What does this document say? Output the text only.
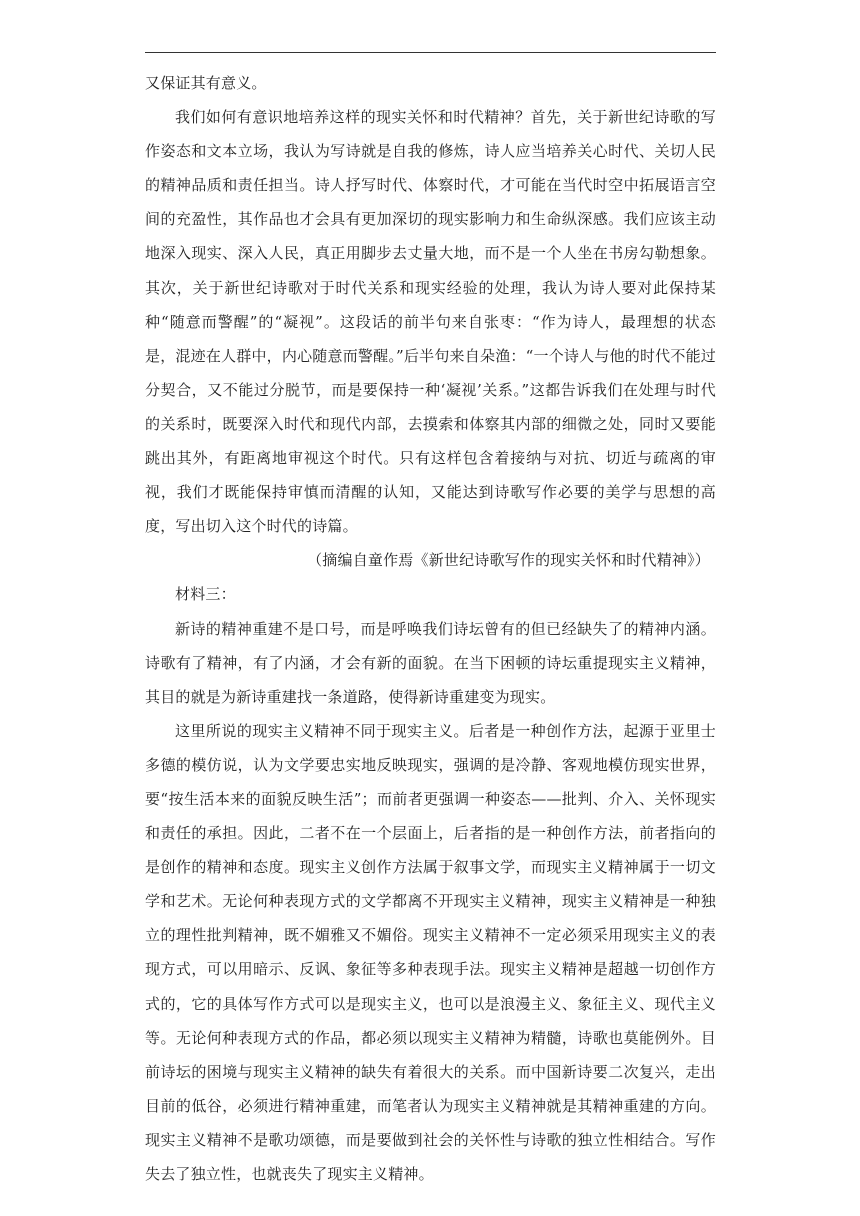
又保证其有意义。

我们如何有意识地培养这样的现实关怀和时代精神？首先，关于新世纪诗歌的写作姿态和文本立场，我认为写诗就是自我的修炼，诗人应当培养关心时代、关切人民的精神品质和责任担当。诗人抒写时代、体察时代，才可能在当代时空中拓展语言空间的充盈性，其作品也才会具有更加深切的现实影响力和生命纵深感。我们应该主动地深入现实、深入人民，真正用脚步去丈量大地，而不是一个人坐在书房勾勒想象。其次，关于新世纪诗歌对于时代关系和现实经验的处理，我认为诗人要对此保持某种“随意而警醒”的“凝视”。这段话的前半句来自张枣：“作为诗人，最理想的状态是，混迹在人群中，内心随意而警醒。”后半句来自朵渔：“一个诗人与他的时代不能过分契合，又不能过分脱节，而是要保持一种‘凝视’关系。”这都告诉我们在处理与时代的关系时，既要深入时代和现代内部，去摸索和体察其内部的细微之处，同时又要能跳出其外，有距离地审视这个时代。只有这样包含着接纳与对抗、切近与疏离的审视，我们才既能保持审慎而清醒的认知，又能达到诗歌写作必要的美学与思想的高度，写出切入这个时代的诗篇。

（摘编自童作焉《新世纪诗歌写作的现实关怀和时代精神》）

材料三：

新诗的精神重建不是口号，而是呼唤我们诗坛曾有的但已经缺失了的精神内涵。诗歌有了精神，有了内涵，才会有新的面貌。在当下困顿的诗坛重提现实主义精神，其目的就是为新诗重建找一条道路，使得新诗重建变为现实。

这里所说的现实主义精神不同于现实主义。后者是一种创作方法，起源于亚里士多德的模仿说，认为文学要忠实地反映现实，强调的是冷静、客观地模仿现实世界，要“按生活本来的面貌反映生活”；而前者更强调一种姿态——批判、介入、关怀现实和责任的承担。因此，二者不在一个层面上，后者指的是一种创作方法，前者指向的是创作的精神和态度。现实主义创作方法属于叙事文学，而现实主义精神属于一切文学和艺术。无论何种表现方式的文学都离不开现实主义精神，现实主义精神是一种独立的理性批判精神，既不媚雅又不媚俗。现实主义精神不一定必须采用现实主义的表现方式，可以用暗示、反讽、象征等多种表现手法。现实主义精神是超越一切创作方式的，它的具体写作方式可以是现实主义，也可以是浪漫主义、象征主义、现代主义等。无论何种表现方式的作品，都必须以现实主义精神为精髓，诗歌也莫能例外。目前诗坛的困境与现实主义精神的缺失有着很大的关系。而中国新诗要二次复兴，走出目前的低谷，必须进行精神重建，而笔者认为现实主义精神就是其精神重建的方向。现实主义精神不是歌功颂德，而是要做到社会的关怀性与诗歌的独立性相结合。写作失去了独立性，也就丧失了现实主义精神。
